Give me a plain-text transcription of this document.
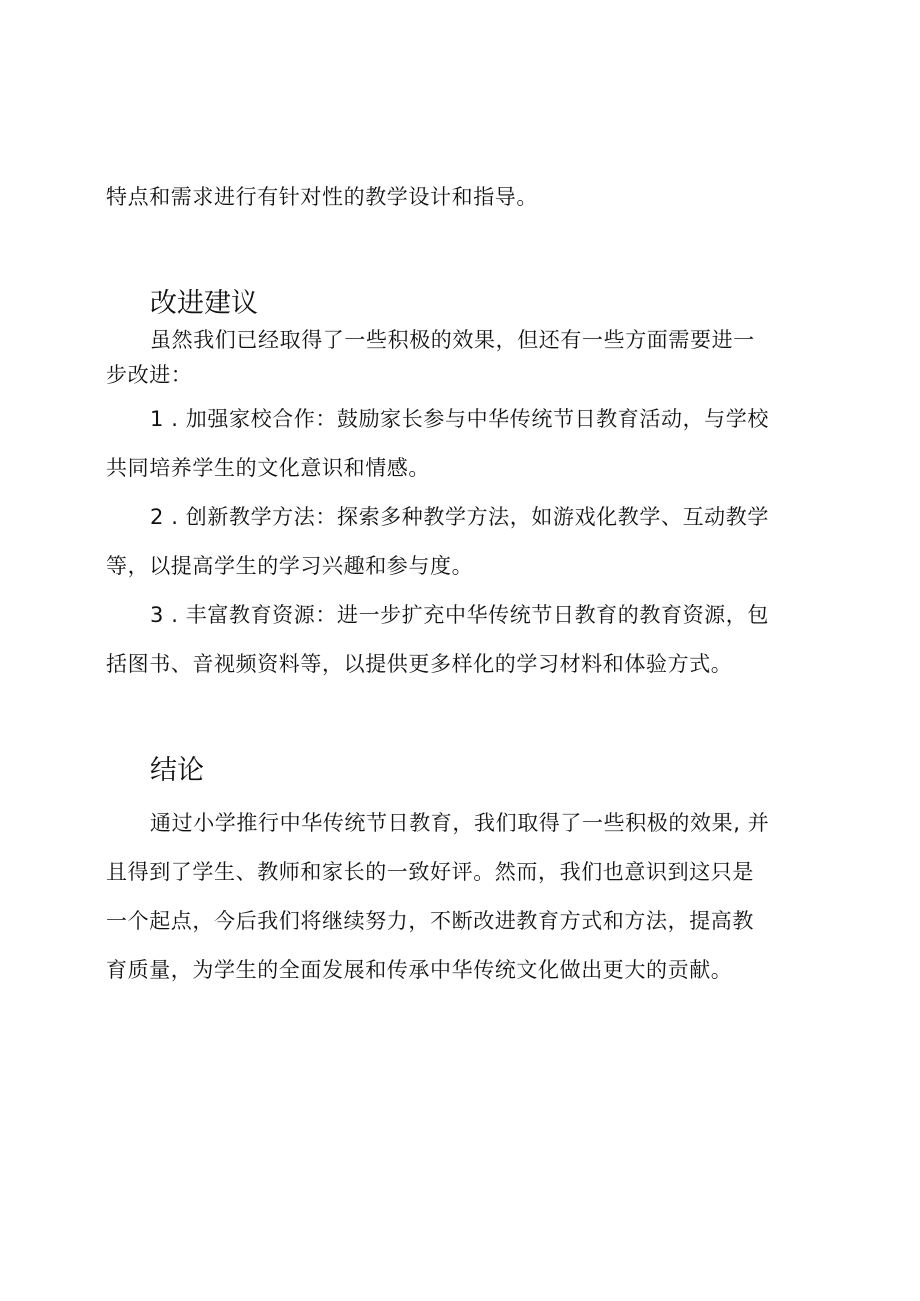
特点和需求进行有针对性的教学设计和指导。

改进建议

虽然我们已经取得了一些积极的效果，但还有一些方面需要进一

步改进：

1 . 加强家校合作：鼓励家长参与中华传统节日教育活动，与学校

共同培养学生的文化意识和情感。

2 . 创新教学方法：探索多种教学方法，如游戏化教学、互动教学

等，以提高学生的学习兴趣和参与度。

3 . 丰富教育资源：进一步扩充中华传统节日教育的教育资源，包

括图书、音视频资料等，以提供更多样化的学习材料和体验方式。

结论

通过小学推行中华传统节日教育，我们取得了一些积极的效果, 并

且得到了学生、教师和家长的一致好评。然而，我们也意识到这只是

一个起点，今后我们将继续努力，不断改进教育方式和方法，提高教

育质量，为学生的全面发展和传承中华传统文化做出更大的贡献。
